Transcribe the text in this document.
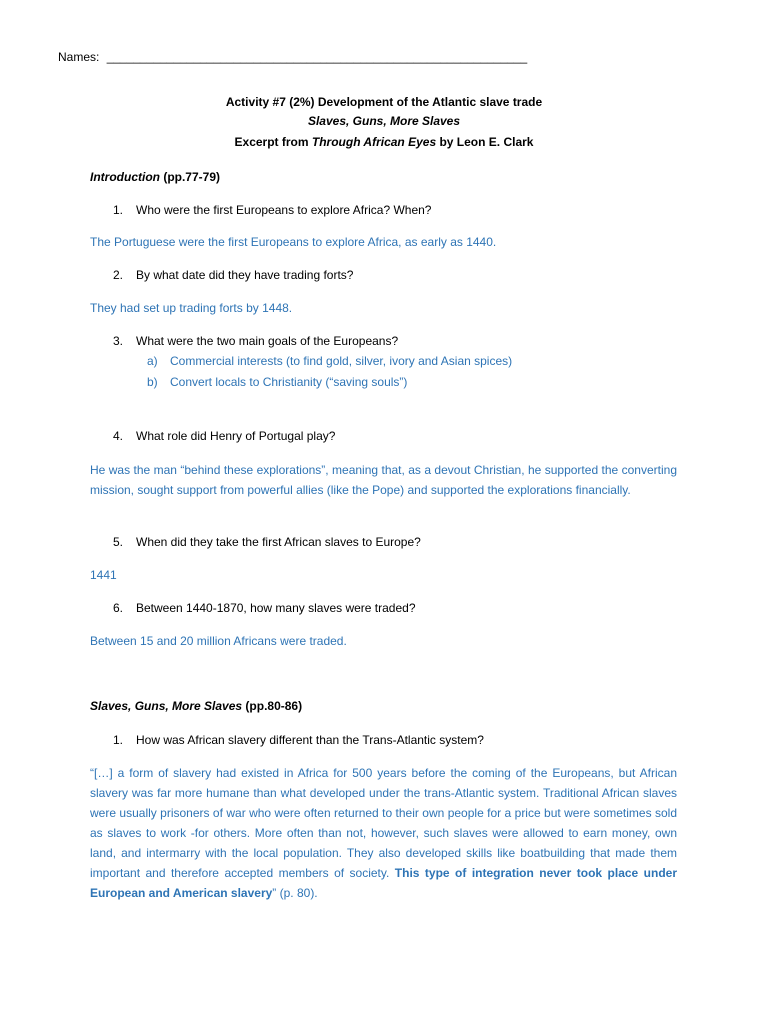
Names: _______________________________________________________________
Activity #7 (2%) Development of the Atlantic slave trade
Slaves, Guns, More Slaves
Excerpt from Through African Eyes by Leon E. Clark
Introduction (pp.77-79)
1. Who were the first Europeans to explore Africa? When?
The Portuguese were the first Europeans to explore Africa, as early as 1440.
2. By what date did they have trading forts?
They had set up trading forts by 1448.
3. What were the two main goals of the Europeans?
a) Commercial interests (to find gold, silver, ivory and Asian spices)
b) Convert locals to Christianity (“saving souls”)
4. What role did Henry of Portugal play?
He was the man “behind these explorations”, meaning that, as a devout Christian, he supported the converting mission, sought support from powerful allies (like the Pope) and supported the explorations financially.
5. When did they take the first African slaves to Europe?
1441
6. Between 1440-1870, how many slaves were traded?
Between 15 and 20 million Africans were traded.
Slaves, Guns, More Slaves (pp.80-86)
1. How was African slavery different than the Trans-Atlantic system?
“[…] a form of slavery had existed in Africa for 500 years before the coming of the Europeans, but African slavery was far more humane than what developed under the trans-Atlantic system. Traditional African slaves were usually prisoners of war who were often returned to their own people for a price but were sometimes sold as slaves to work -for others. More often than not, however, such slaves were allowed to earn money, own land, and intermarry with the local population. They also developed skills like boatbuilding that made them important and therefore accepted members of society. This type of integration never took place under European and American slavery” (p. 80).
